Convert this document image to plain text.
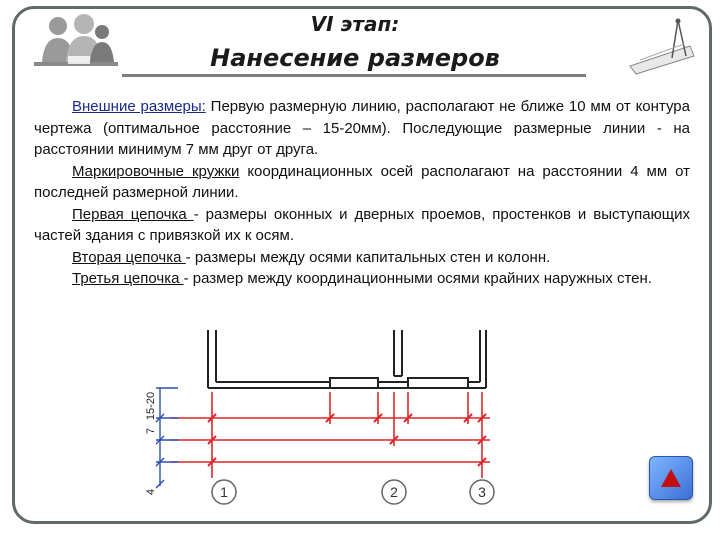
VI этап:
Нанесение размеров

Внешние размеры: Первую размерную линию, располагают не ближе 10 мм от контура чертежа (оптимальное расстояние – 15-20мм). Последующие размерные линии - на расстоянии минимум 7 мм друг от друга.

Маркировочные кружки координационных осей располагают на расстоянии 4 мм от последней размерной линии.

Первая цепочка - размеры оконных и дверных проемов, простенков и выступающих частей здания с привязкой их к осям.

Вторая цепочка - размеры между осями капитальных стен и колонн.

Третья цепочка - размер между координационными осями крайних наружных стен.

15-20
7
4	1	2	3
